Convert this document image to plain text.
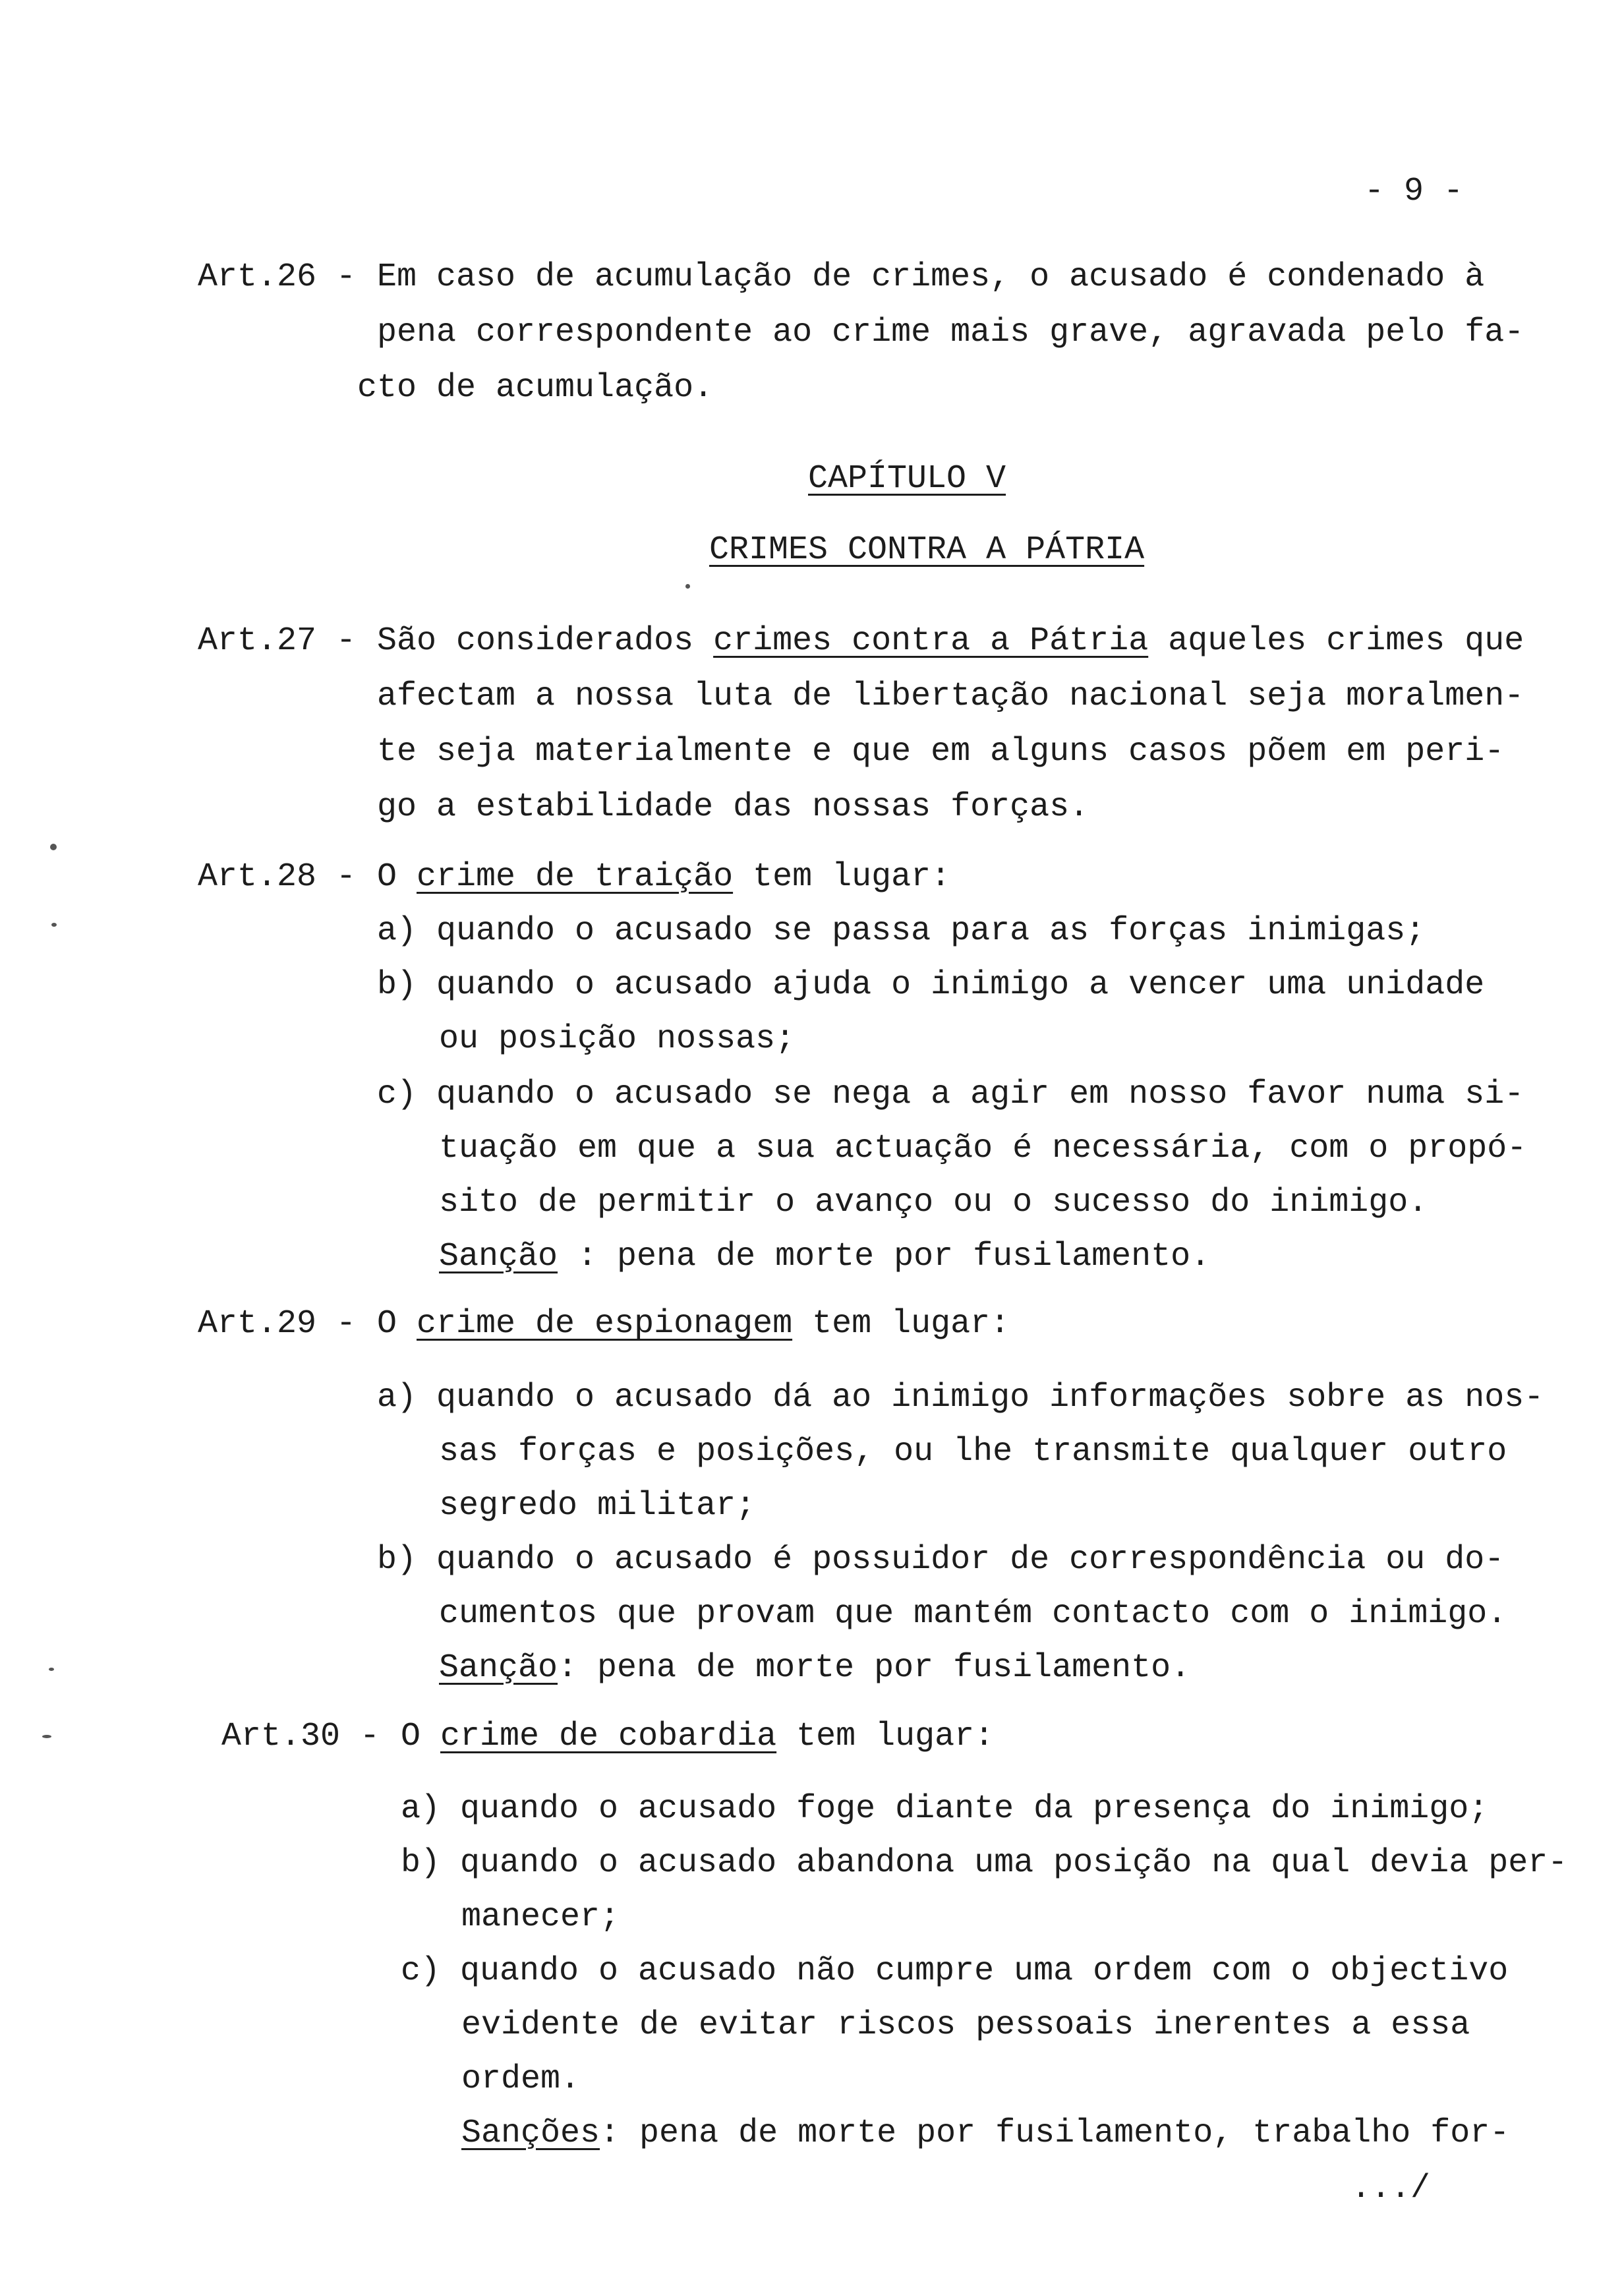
- 9 -
Art.26 - Em caso de acumulação de crimes, o acusado é condenado à
pena correspondente ao crime mais grave, agravada pelo fa-
cto de acumulação.
CAPÍTULO V
CRIMES CONTRA A PÁTRIA
Art.27 - São considerados crimes contra a Pátria aqueles crimes que
afectam a nossa luta de libertação nacional seja moralmen-
te seja materialmente e que em alguns casos põem em peri-
go a estabilidade das nossas forças.
Art.28 - O crime de traição tem lugar:
a) quando o acusado se passa para as forças inimigas;
b) quando o acusado ajuda o inimigo a vencer uma unidade
ou posição nossas;
c) quando o acusado se nega a agir em nosso favor numa si-
tuação em que a sua actuação é necessária, com o propó-
sito de permitir o avanço ou o sucesso do inimigo.
Sanção : pena de morte por fusilamento.
Art.29 - O crime de espionagem tem lugar:
a) quando o acusado dá ao inimigo informações sobre as nos-
sas forças e posições, ou lhe transmite qualquer outro
segredo militar;
b) quando o acusado é possuidor de correspondência ou do-
cumentos que provam que mantém contacto com o inimigo.
Sanção: pena de morte por fusilamento.
Art.30 - O crime de cobardia tem lugar:
a) quando o acusado foge diante da presença do inimigo;
b) quando o acusado abandona uma posição na qual devia per-
manecer;
c) quando o acusado não cumpre uma ordem com o objectivo
evidente de evitar riscos pessoais inerentes a essa
ordem.
Sanções: pena de morte por fusilamento, trabalho for-
.../
